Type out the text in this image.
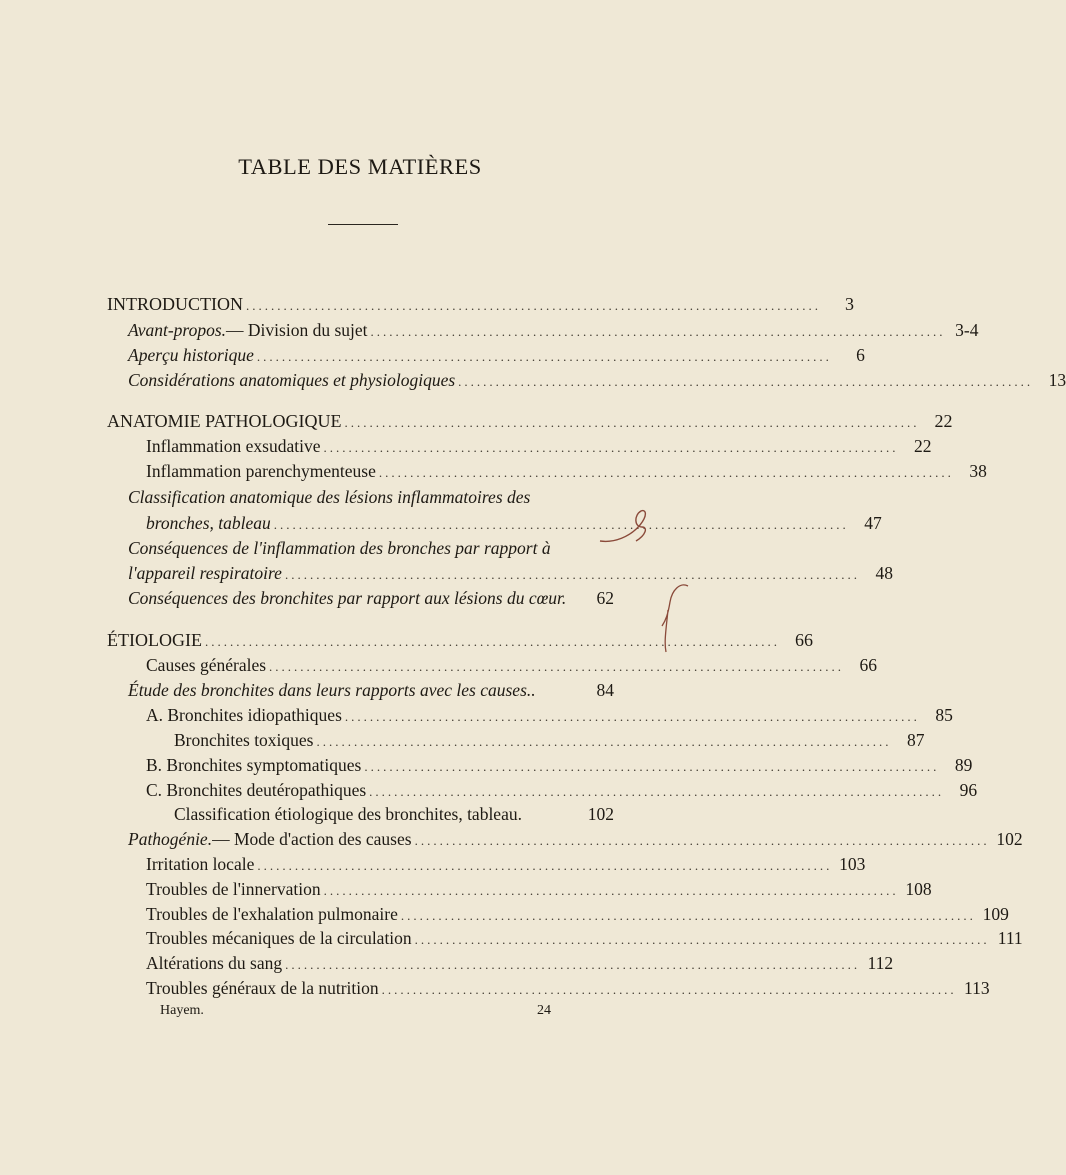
TABLE DES MATIÈRES
INTRODUCTION ............................................................................................	3
Avant-propos. — Division du sujet ............................................................................................ 3-4
Aperçu historique ............................................................................................	6
Considérations anatomiques et physiologiques ............................................................................................ 13
ANATOMIE PATHOLOGIQUE ............................................................................................ 22
Inflammation exsudative ............................................................................................ 22
Inflammation parenchymenteuse ............................................................................................ 38
Classification anatomique des lésions inflammatoires des
bronches, tableau ............................................................................................ 47
Conséquences de l'inflammation des bronches par rapport à
l'appareil respiratoire ............................................................................................ 48
Conséquences des bronchites par rapport aux lésions du cœur.	62
ÉTIOLOGIE ............................................................................................ 66
Causes générales ............................................................................................ 66
Étude des bronchites dans leurs rapports avec les causes..	84
A. Bronchites idiopathiques ............................................................................................ 85
Bronchites toxiques ............................................................................................ 87
B. Bronchites symptomatiques ............................................................................................ 89
C. Bronchites deutéropathiques ............................................................................................ 96
Classification étiologique des bronchites, tableau.	102
Pathogénie. — Mode d'action des causes ............................................................................................ 102
Irritation locale ............................................................................................ 103
Troubles de l'innervation ............................................................................................ 108
Troubles de l'exhalation pulmonaire ............................................................................................ 109
Troubles mécaniques de la circulation ............................................................................................ 111
Altérations du sang ............................................................................................ 112
Troubles généraux de la nutrition ............................................................................................ 113
Hayem.	24
